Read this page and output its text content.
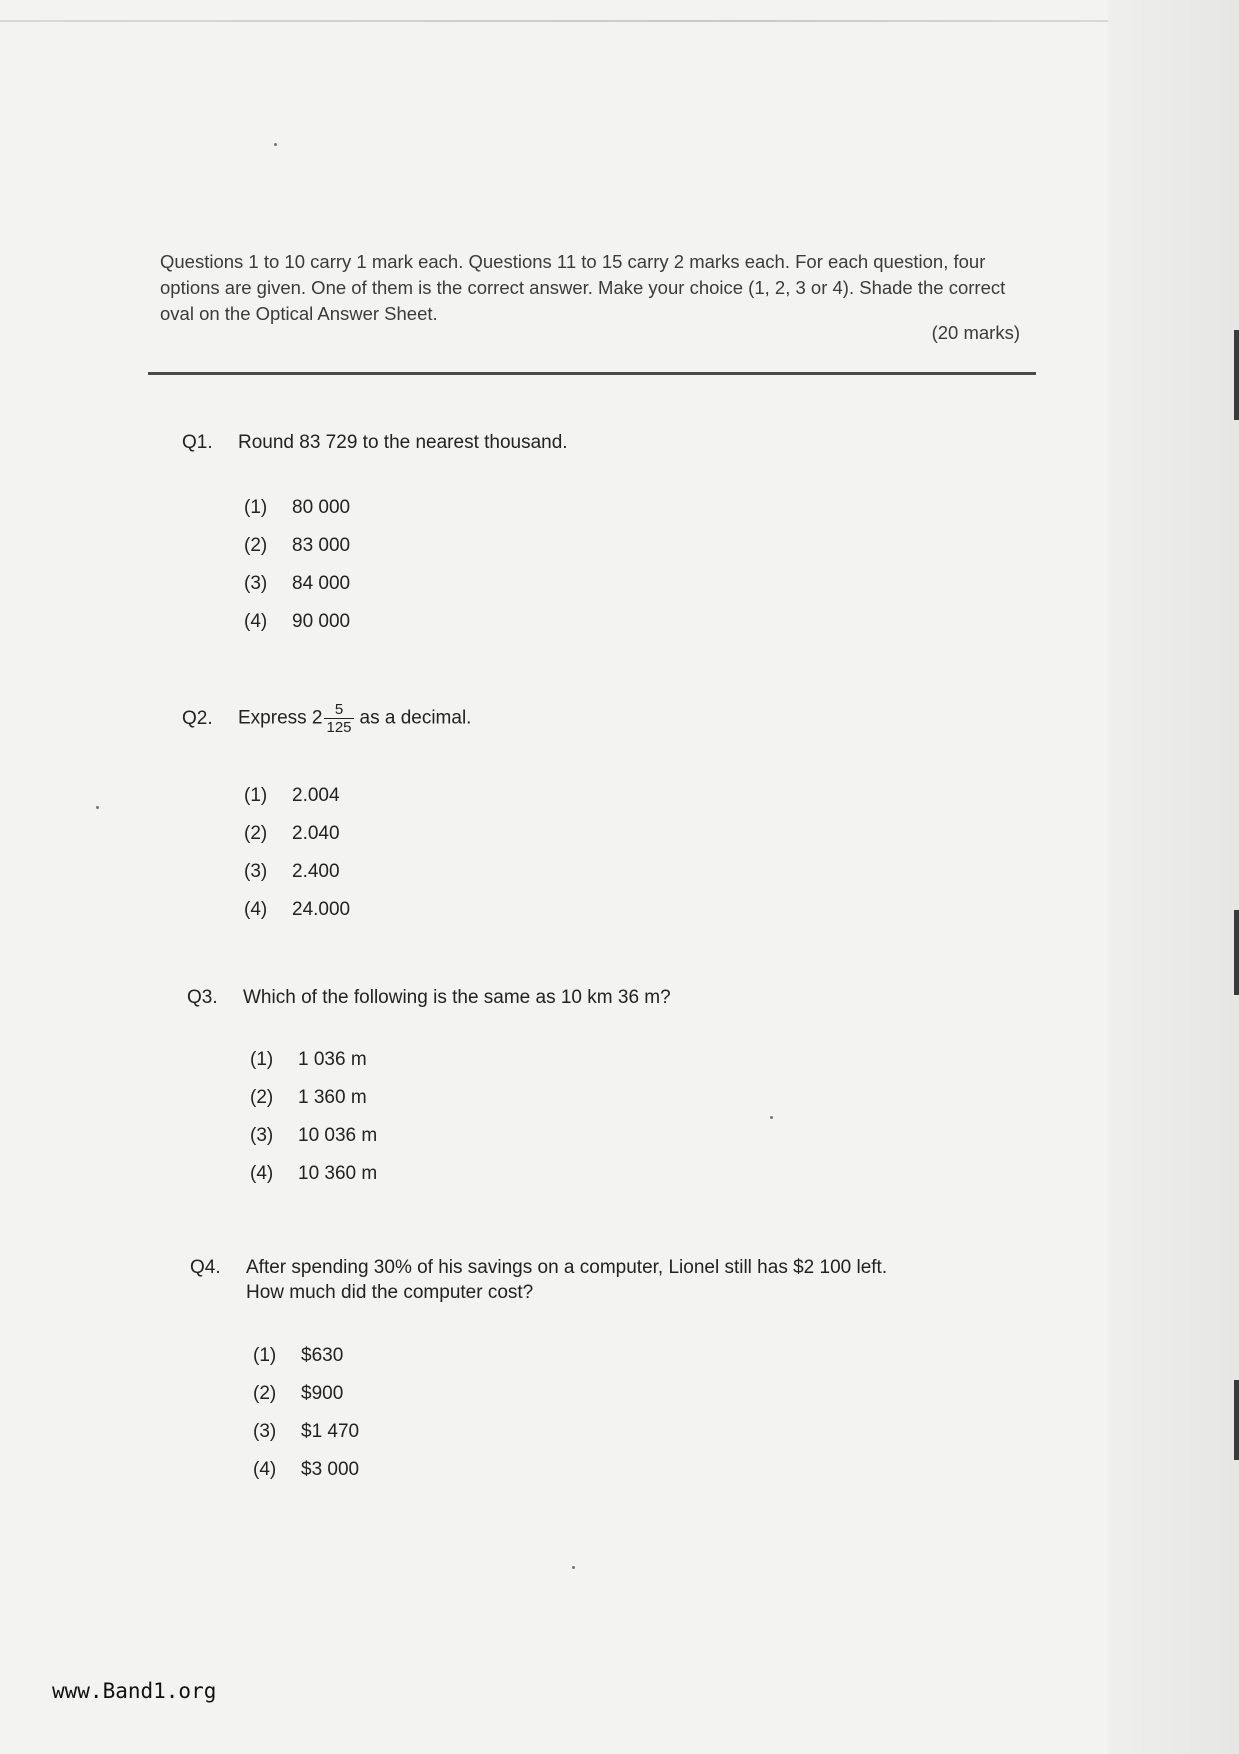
Questions 1 to 10 carry 1 mark each. Questions 11 to 15 carry 2 marks each. For each question, four options are given. One of them is the correct answer. Make your choice (1, 2, 3 or 4). Shade the correct oval on the Optical Answer Sheet.

(20 marks)
Q1. Round 83 729 to the nearest thousand.
(1) 80 000
(2) 83 000
(3) 84 000
(4) 90 000
Q2. Express $2 \frac{5}{125}$ as a decimal.
(1) 2.004
(2) 2.040
(3) 2.400
(4) 24.000
Q3. Which of the following is the same as 10 km 36 m?
(1) 1 036 m
(2) 1 360 m
(3) 10 036 m
(4) 10 360 m
Q4. After spending 30% of his savings on a computer, Lionel still has $2 100 left.
How much did the computer cost?
(1) $630
(2) $900
(3) $1 470
(4) $3 000
www.Band1.org
